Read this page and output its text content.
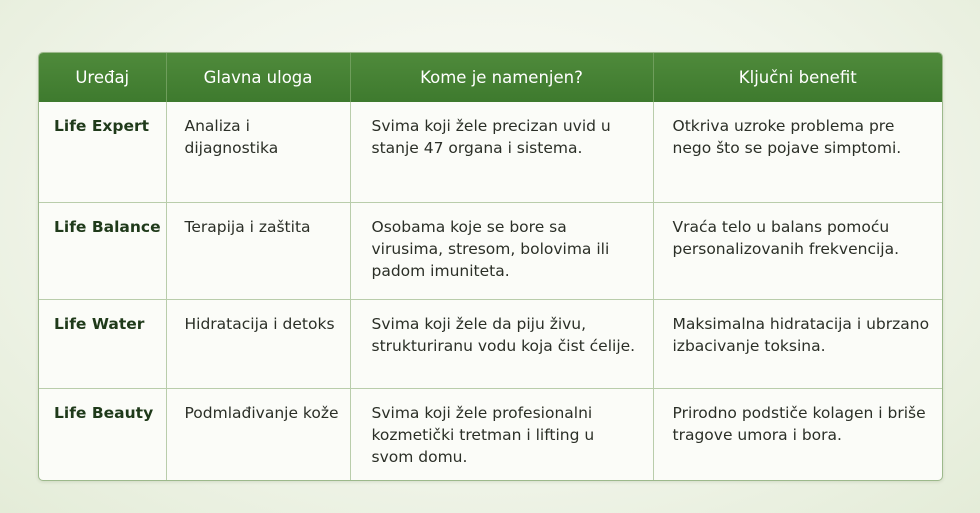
Uređaj	Glavna uloga	Kome je namenjen?	Ključni benefit
Life Expert	Analiza i dijagnostika	Svima koji žele precizan uvid u stanje 47 organa i sistema.	Otkriva uzroke problema pre nego što se pojave simptomi.
Life Balance	Terapija i zaštita	Osobama koje se bore sa virusima, stresom, bolovima ili padom imuniteta.	Vraća telo u balans pomoću personalizovanih frekvencija.
Life Water	Hidratacija i detoks	Svima koji žele da piju živu, strukturiranu vodu koja čist ćelije.	Maksimalna hidratacija i ubrzano izbacivanje toksina.
Life Beauty	Podmlađivanje kože	Svima koji žele profesionalni kozmetički tretman i lifting u svom domu.	Prirodno podstiče kolagen i briše tragove umora i bora.
